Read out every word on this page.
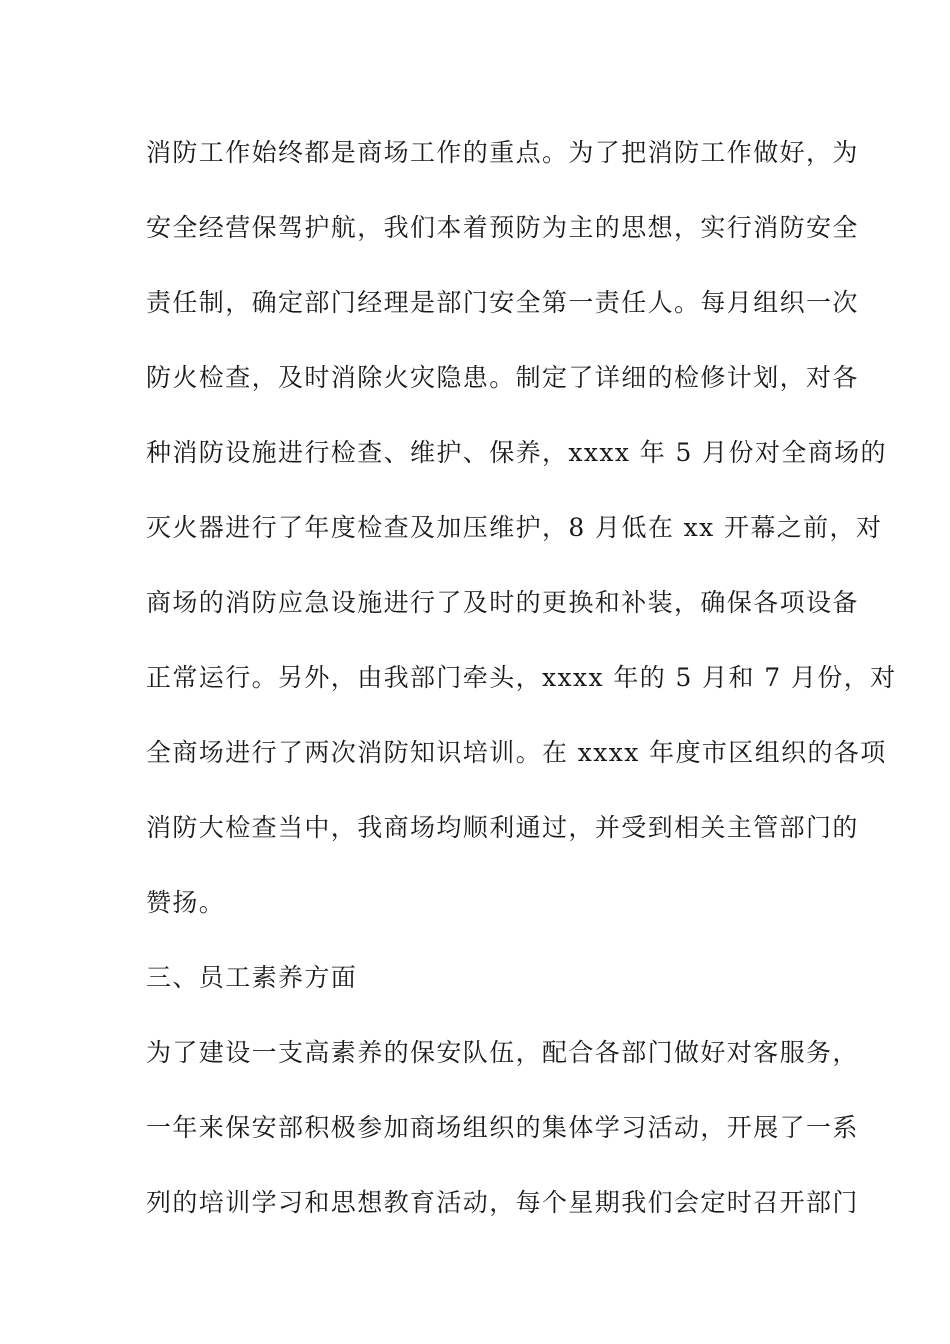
消防工作始终都是商场工作的重点。为了把消防工作做好，为
安全经营保驾护航，我们本着预防为主的思想，实行消防安全
责任制，确定部门经理是部门安全第一责任人。每月组织一次
防火检查，及时消除火灾隐患。制定了详细的检修计划，对各
种消防设施进行检查、维护、保养，xxxx 年 5 月份对全商场的
灭火器进行了年度检查及加压维护，8 月低在 xx 开幕之前，对
商场的消防应急设施进行了及时的更换和补装，确保各项设备
正常运行。另外，由我部门牵头，xxxx 年的 5 月和 7 月份，对
全商场进行了两次消防知识培训。在 xxxx 年度市区组织的各项
消防大检查当中，我商场均顺利通过，并受到相关主管部门的
赞扬。
三、员工素养方面
为了建设一支高素养的保安队伍，配合各部门做好对客服务，
一年来保安部积极参加商场组织的集体学习活动，开展了一系
列的培训学习和思想教育活动，每个星期我们会定时召开部门
